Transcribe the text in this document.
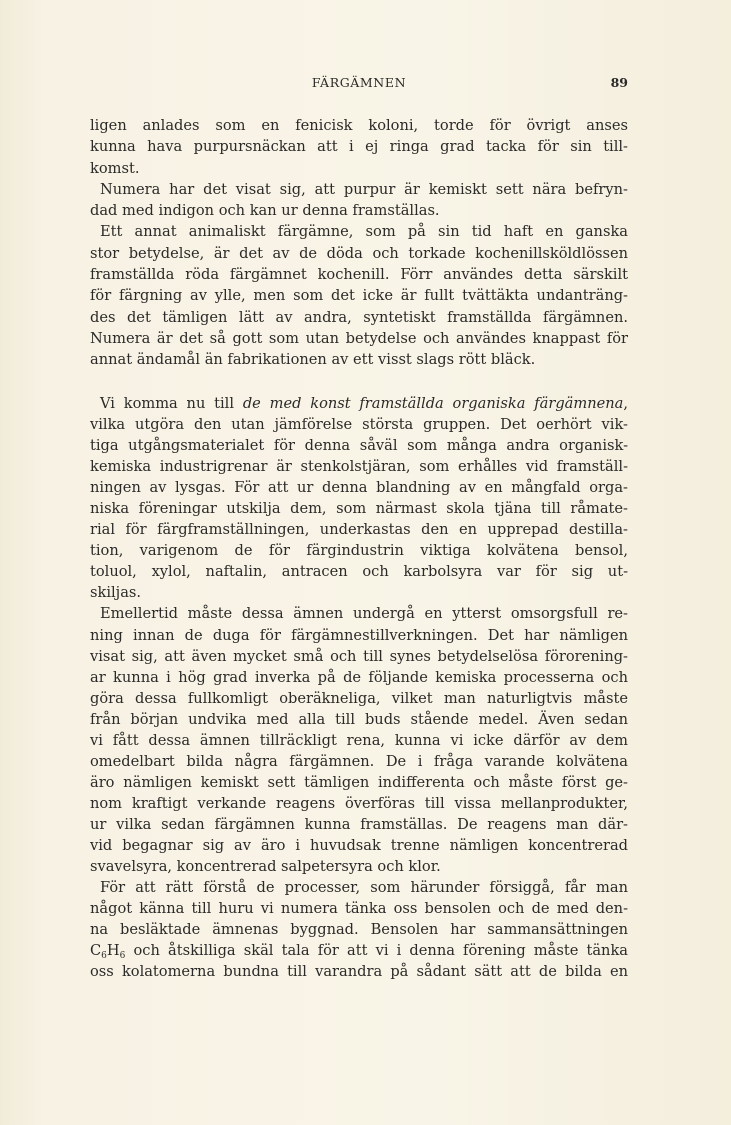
FÄRGÄMNEN	89
ligen anlades som en fenicisk koloni, torde för övrigt anses
kunna hava purpursnäckan att i ej ringa grad tacka för sin till-
komst.
Numera har det visat sig, att purpur är kemiskt sett nära befryn-
dad med indigon och kan ur denna framställas.
Ett annat animaliskt färgämne, som på sin tid haft en ganska
stor betydelse, är det av de döda och torkade kochenillsköldlössen
framställda röda färgämnet kochenill. Förr användes detta särskilt
för färgning av ylle, men som det icke är fullt tvättäkta undanträng-
des det tämligen lätt av andra, syntetiskt framställda färgämnen.
Numera är det så gott som utan betydelse och användes knappast för
annat ändamål än fabrikationen av ett visst slags rött bläck.
Vi komma nu till de med konst framställda organiska färgämnena,
vilka utgöra den utan jämförelse största gruppen. Det oerhört vik-
tiga utgångsmaterialet för denna såväl som många andra organisk-
kemiska industrigrenar är stenkolstjäran, som erhålles vid framställ-
ningen av lysgas. För att ur denna blandning av en mångfald orga-
niska föreningar utskilja dem, som närmast skola tjäna till råmate-
rial för färgframställningen, underkastas den en upprepad destilla-
tion, varigenom de för färgindustrin viktiga kolvätena bensol,
toluol, xylol, naftalin, antracen och karbolsyra var för sig ut-
skiljas.
Emellertid måste dessa ämnen undergå en ytterst omsorgsfull re-
ning innan de duga för färgämnestillverkningen. Det har nämligen
visat sig, att även mycket små och till synes betydelselösa förorening-
ar kunna i hög grad inverka på de följande kemiska processerna och
göra dessa fullkomligt oberäkneliga, vilket man naturligtvis måste
från början undvika med alla till buds stående medel. Även sedan
vi fått dessa ämnen tillräckligt rena, kunna vi icke därför av dem
omedelbart bilda några färgämnen. De i fråga varande kolvätena
äro nämligen kemiskt sett tämligen indifferenta och måste först ge-
nom kraftigt verkande reagens överföras till vissa mellanprodukter,
ur vilka sedan färgämnen kunna framställas. De reagens man där-
vid begagnar sig av äro i huvudsak trenne nämligen koncentrerad
svavelsyra, koncentrerad salpetersyra och klor.
För att rätt förstå de processer, som härunder försiggå, får man
något känna till huru vi numera tänka oss bensolen och de med den-
na besläktade ämnenas byggnad. Bensolen har sammansättningen
$C_6H_6$ och åtskilliga skäl tala för att vi i denna förening måste tänka
oss kolatomerna bundna till varandra på sådant sätt att de bilda en
